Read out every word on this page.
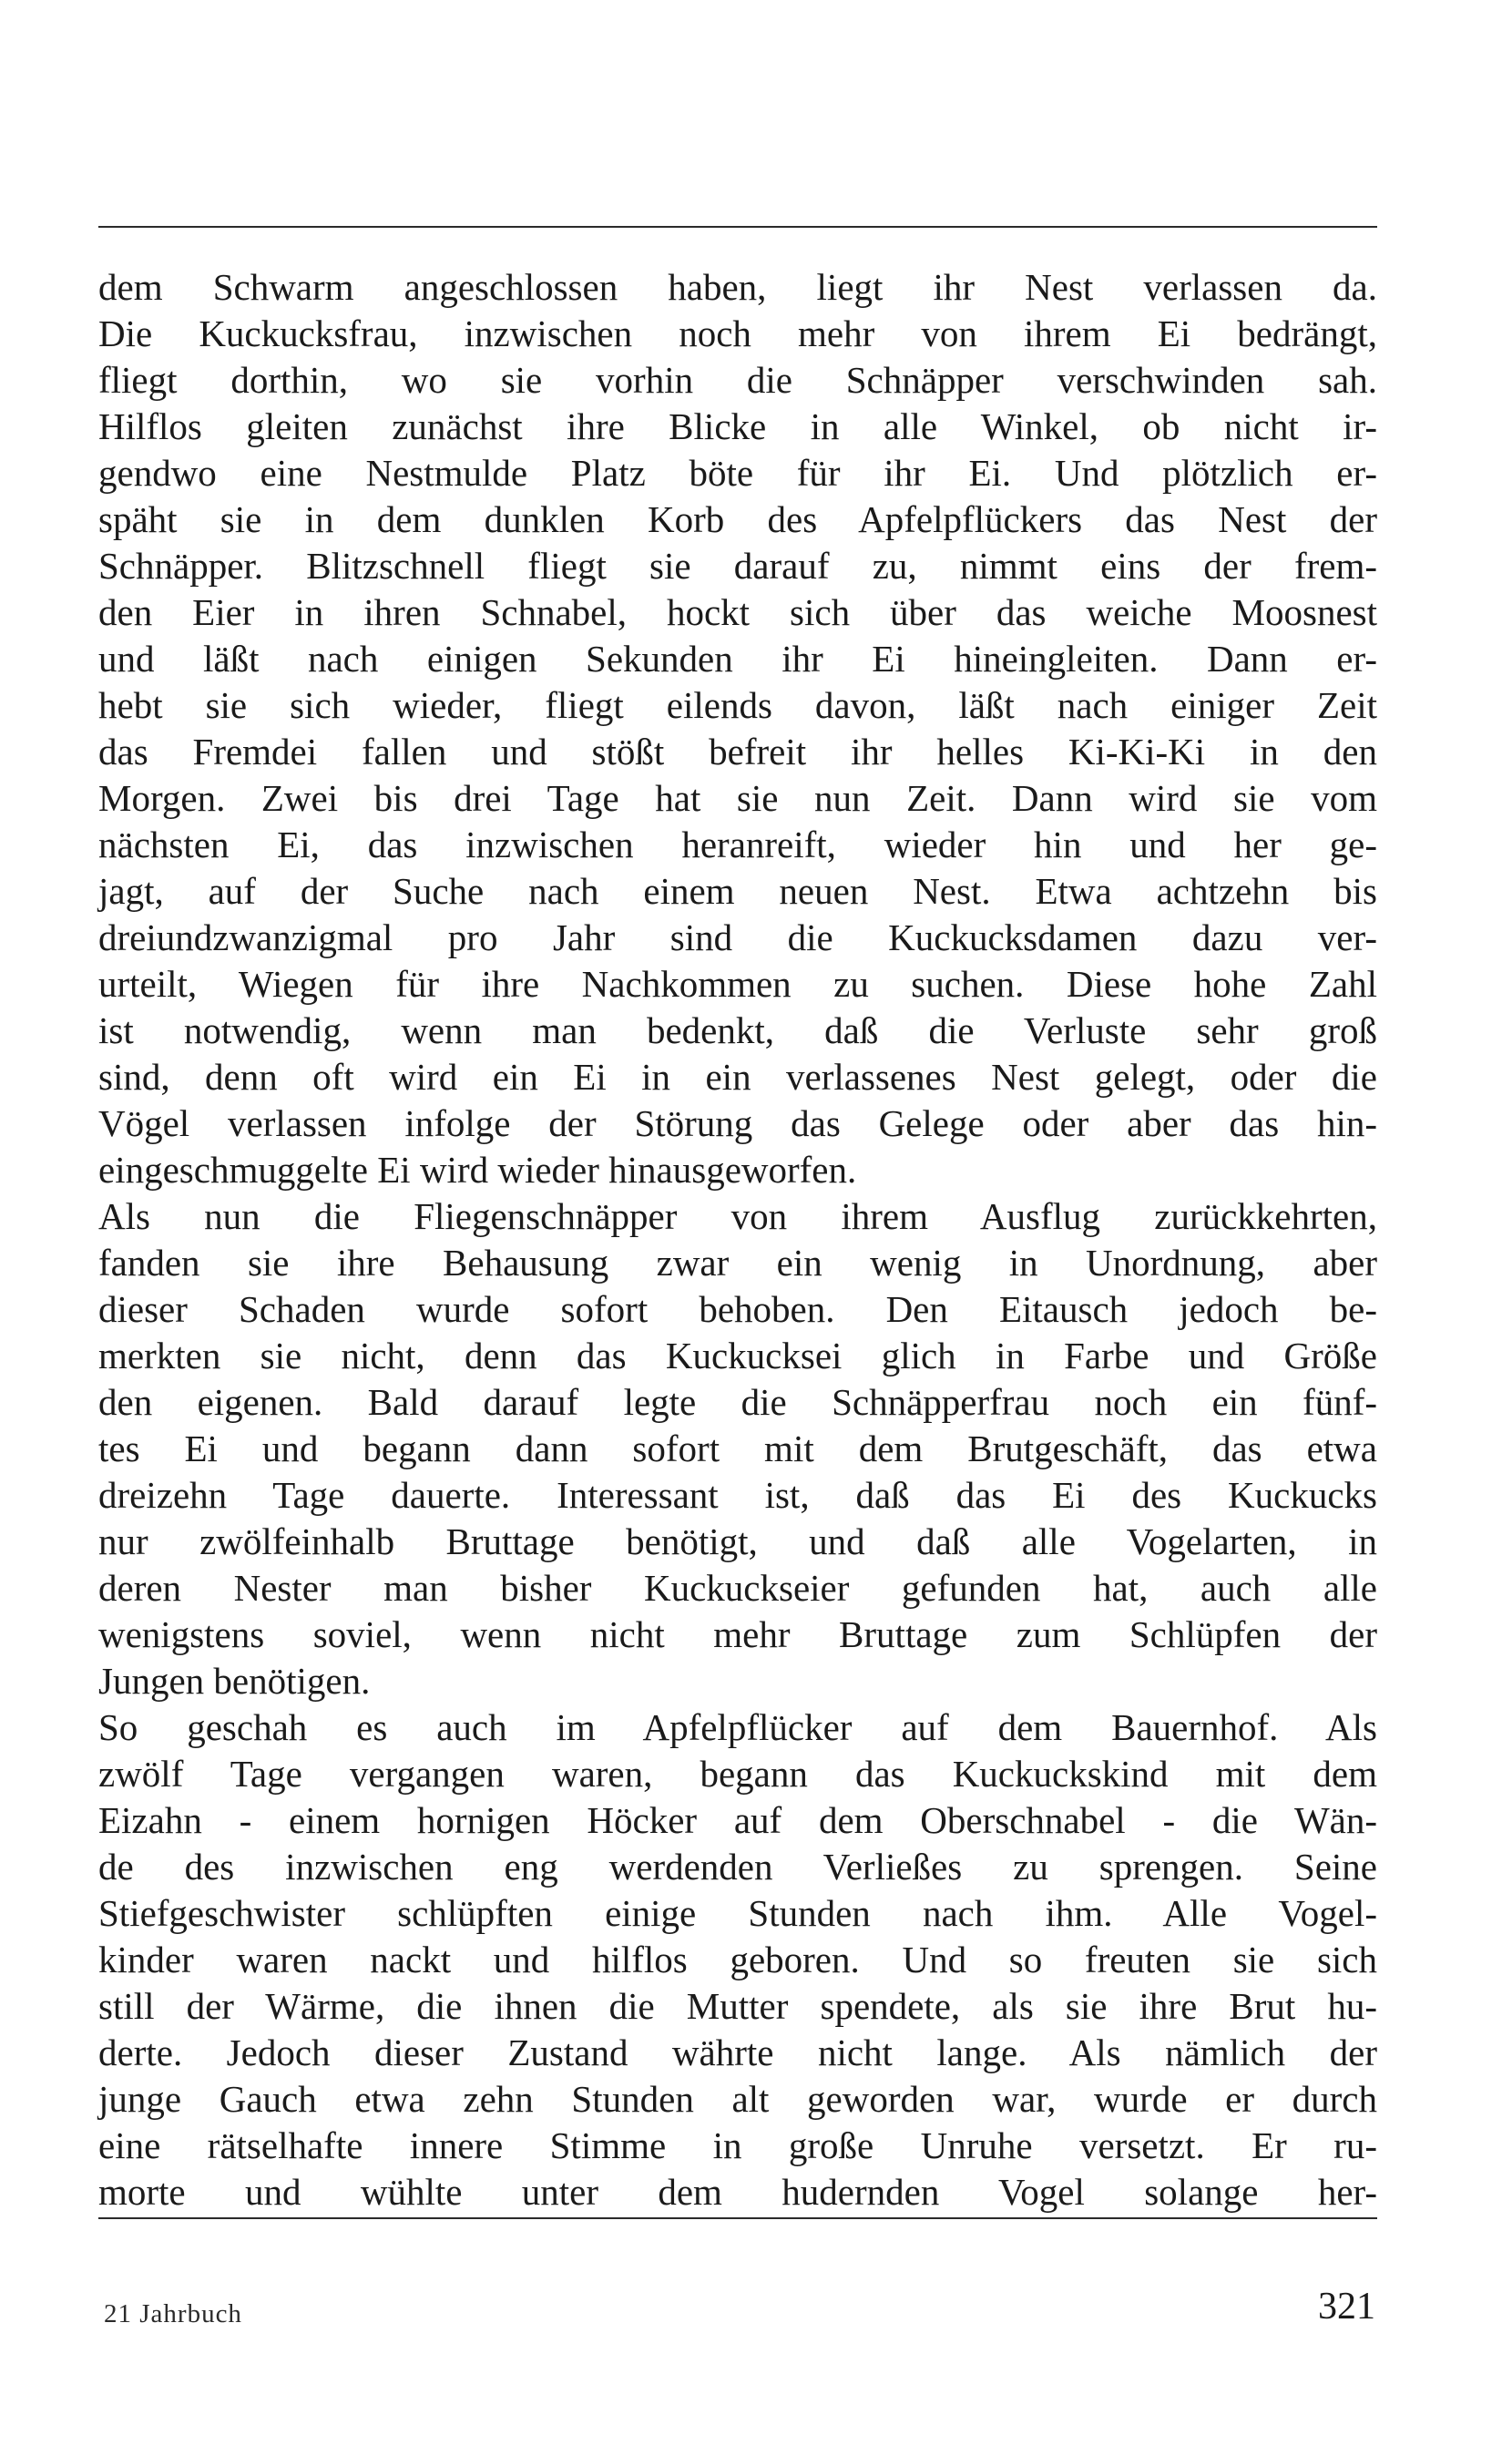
dem Schwarm angeschlossen haben, liegt ihr Nest verlassen da.
Die Kuckucksfrau, inzwischen noch mehr von ihrem Ei bedrängt,
fliegt dorthin, wo sie vorhin die Schnäpper verschwinden sah.
Hilflos gleiten zunächst ihre Blicke in alle Winkel, ob nicht ir-
gendwo eine Nestmulde Platz böte für ihr Ei. Und plötzlich er-
späht sie in dem dunklen Korb des Apfelpflückers das Nest der
Schnäpper. Blitzschnell fliegt sie darauf zu, nimmt eins der frem-
den Eier in ihren Schnabel, hockt sich über das weiche Moosnest
und läßt nach einigen Sekunden ihr Ei hineingleiten. Dann er-
hebt sie sich wieder, fliegt eilends davon, läßt nach einiger Zeit
das Fremdei fallen und stößt befreit ihr helles Ki-Ki-Ki in den
Morgen. Zwei bis drei Tage hat sie nun Zeit. Dann wird sie vom
nächsten Ei, das inzwischen heranreift, wieder hin und her ge-
jagt, auf der Suche nach einem neuen Nest. Etwa achtzehn bis
dreiundzwanzigmal pro Jahr sind die Kuckucksdamen dazu ver-
urteilt, Wiegen für ihre Nachkommen zu suchen. Diese hohe Zahl
ist notwendig, wenn man bedenkt, daß die Verluste sehr groß
sind, denn oft wird ein Ei in ein verlassenes Nest gelegt, oder die
Vögel verlassen infolge der Störung das Gelege oder aber das hin-
eingeschmuggelte Ei wird wieder hinausgeworfen.
Als nun die Fliegenschnäpper von ihrem Ausflug zurückkehrten,
fanden sie ihre Behausung zwar ein wenig in Unordnung, aber
dieser Schaden wurde sofort behoben. Den Eitausch jedoch be-
merkten sie nicht, denn das Kuckucksei glich in Farbe und Größe
den eigenen. Bald darauf legte die Schnäpperfrau noch ein fünf-
tes Ei und begann dann sofort mit dem Brutgeschäft, das etwa
dreizehn Tage dauerte. Interessant ist, daß das Ei des Kuckucks
nur zwölfeinhalb Bruttage benötigt, und daß alle Vogelarten, in
deren Nester man bisher Kuckuckseier gefunden hat, auch alle
wenigstens soviel, wenn nicht mehr Bruttage zum Schlüpfen der
Jungen benötigen.
So geschah es auch im Apfelpflücker auf dem Bauernhof. Als
zwölf Tage vergangen waren, begann das Kuckuckskind mit dem
Eizahn - einem hornigen Höcker auf dem Oberschnabel - die Wän-
de des inzwischen eng werdenden Verließes zu sprengen. Seine
Stiefgeschwister schlüpften einige Stunden nach ihm. Alle Vogel-
kinder waren nackt und hilflos geboren. Und so freuten sie sich
still der Wärme, die ihnen die Mutter spendete, als sie ihre Brut hu-
derte. Jedoch dieser Zustand währte nicht lange. Als nämlich der
junge Gauch etwa zehn Stunden alt geworden war, wurde er durch
eine rätselhafte innere Stimme in große Unruhe versetzt. Er ru-
morte und wühlte unter dem hudernden Vogel solange her-
21 Jahrbuch	321
